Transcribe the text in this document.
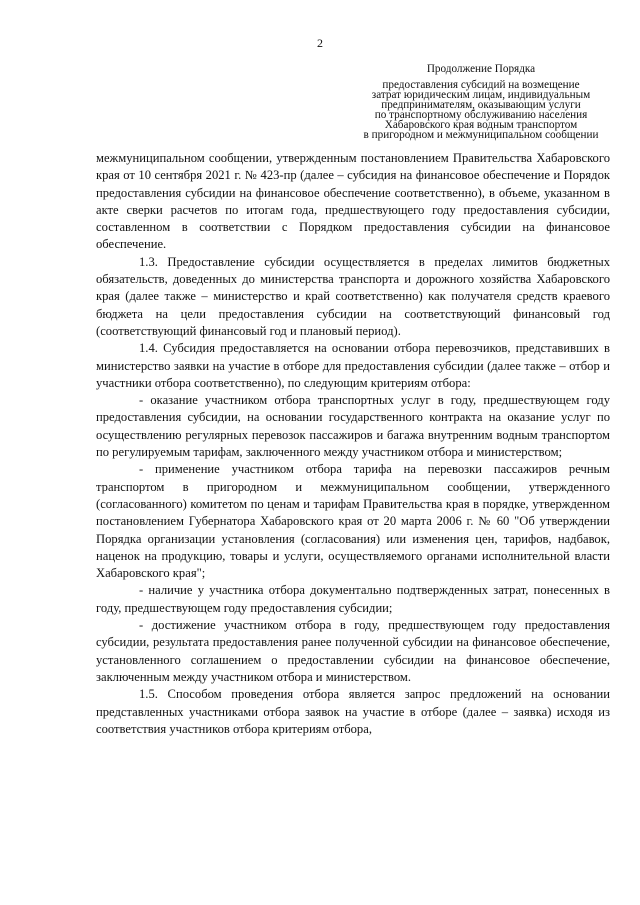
2
Продолжение Порядка
предоставления субсидий на возмещение
затрат юридическим лицам, индивидуальным
предпринимателям, оказывающим услуги
по транспортному обслуживанию населения
Хабаровского края водным транспортом
в пригородном и межмуниципальном сообщении

межмуниципальном сообщении, утвержденным постановлением Правительства Хабаровского края от 10 сентября 2021 г. № 423-пр (далее – субсидия на финансовое обеспечение и Порядок предоставления субсидии на финансовое обеспечение соответственно), в объеме, указанном в акте сверки расчетов по итогам года, предшествующего году предоставления субсидии, составленном в соответствии с Порядком предоставления субсидии на финансовое обеспечение.

1.3. Предоставление субсидии осуществляется в пределах лимитов бюджетных обязательств, доведенных до министерства транспорта и дорожного хозяйства Хабаровского края (далее также – министерство и край соответственно) как получателя средств краевого бюджета на цели предоставления субсидии на соответствующий финансовый год (соответствующий финансовый год и плановый период).

1.4. Субсидия предоставляется на основании отбора перевозчиков, представивших в министерство заявки на участие в отборе для предоставления субсидии (далее также – отбор и участники отбора соответственно), по следующим критериям отбора:

- оказание участником отбора транспортных услуг в году, предшествующем году предоставления субсидии, на основании государственного контракта на оказание услуг по осуществлению регулярных перевозок пассажиров и багажа внутренним водным транспортом по регулируемым тарифам, заключенного между участником отбора и министерством;

- применение участником отбора тарифа на перевозки пассажиров речным транспортом в пригородном и межмуниципальном сообщении, утвержденного (согласованного) комитетом по ценам и тарифам Правительства края в порядке, утвержденном постановлением Губернатора Хабаровского края от 20 марта 2006 г. № 60 "Об утверждении Порядка организации установления (согласования) или изменения цен, тарифов, надбавок, наценок на продукцию, товары и услуги, осуществляемого органами исполнительной власти Хабаровского края";

- наличие у участника отбора документально подтвержденных затрат, понесенных в году, предшествующем году предоставления субсидии;

- достижение участником отбора в году, предшествующем году предоставления субсидии, результата предоставления ранее полученной субсидии на финансовое обеспечение, установленного соглашением о предоставлении субсидии на финансовое обеспечение, заключенным между участником отбора и министерством.

1.5. Способом проведения отбора является запрос предложений на основании представленных участниками отбора заявок на участие в отборе (далее – заявка) исходя из соответствия участников отбора критериям отбора,
